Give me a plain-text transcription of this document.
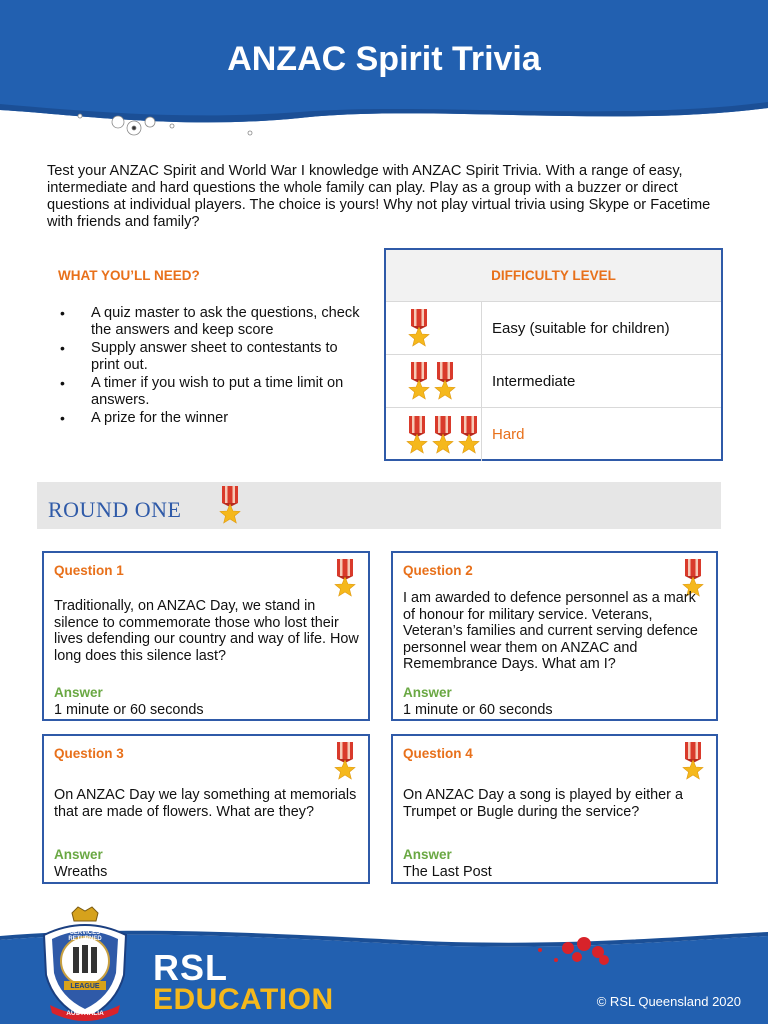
ANZAC Spirit Trivia

Test your ANZAC Spirit and World War I knowledge with ANZAC Spirit Trivia. With a range of easy, intermediate and hard questions the whole family can play. Play as a group with a buzzer or direct questions at individual players. The choice is yours! Why not play virtual trivia using Skype or Facetime with friends and family?

WHAT YOU’LL NEED?
• A quiz master to ask the questions, check the answers and keep score
• Supply answer sheet to contestants to print out.
• A timer if you wish to put a time limit on answers.
• A prize for the winner
DIFFICULTY LEVEL
Easy (suitable for children)
Intermediate
Hard
ROUND ONE
Question 1
Traditionally, on ANZAC Day, we stand in silence to commemorate those who lost their lives defending our country and way of life. How long does this silence last?
Answer
1 minute or 60 seconds
Question 2
I am awarded to defence personnel as a mark of honour for military service. Veterans, Veteran’s families and current serving defence personnel wear them on ANZAC and Remembrance Days. What am I?
Answer
1 minute or 60 seconds
Question 3
On ANZAC Day we lay something at memorials that are made of flowers. What are they?
Answer
Wreaths
Question 4
On ANZAC Day a song is played by either a Trumpet or Bugle during the service?
Answer
The Last Post
RETURNED
SERVICES
LEAGUE
AUSTRALIA
RSL
EDUCATION	© RSL Queensland 2020
